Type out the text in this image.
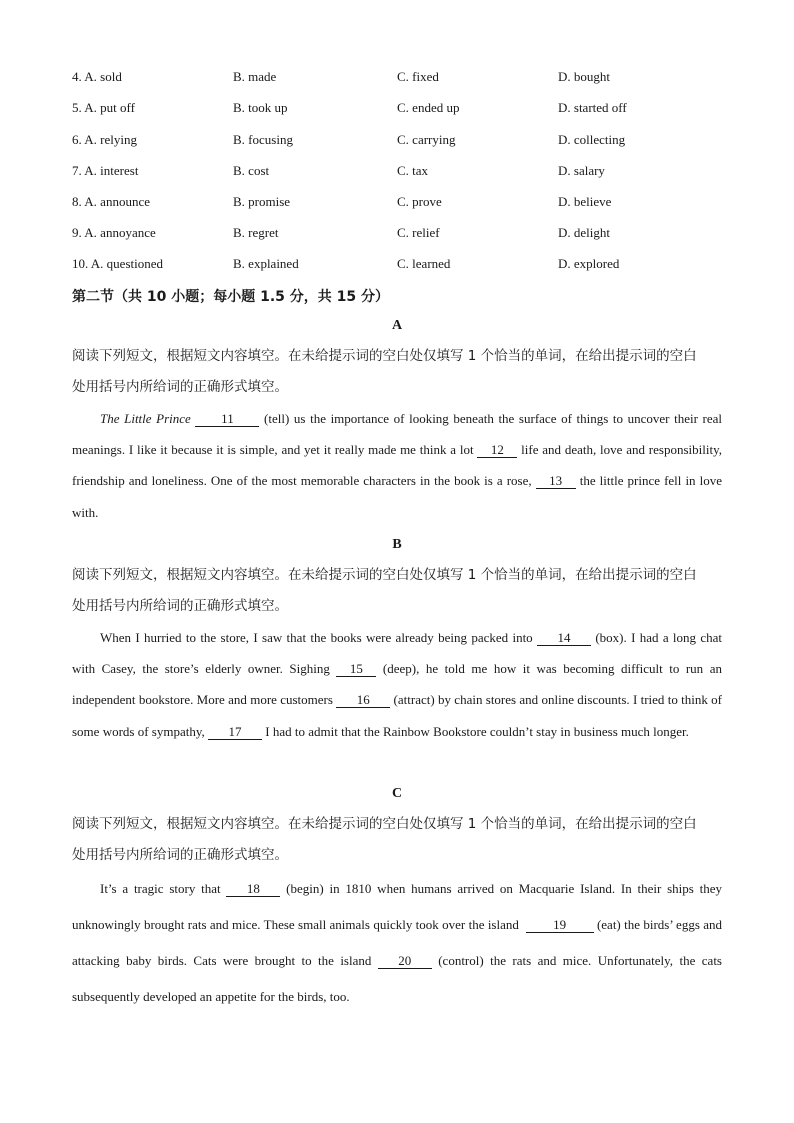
4. A. sold	B. made	C. fixed	D. bought
5. A. put off	B. took up	C. ended up	D. started off
6. A. relying	B. focusing	C. carrying	D. collecting
7. A. interest	B. cost	C. tax	D. salary
8. A. announce	B. promise	C. prove	D. believe
9. A. annoyance	B. regret	C. relief	D. delight
10. A. questioned	B. explained	C. learned	D. explored
第二节（共 10 小题；每小题 1.5 分，共 15 分）
A
阅读下列短文，根据短文内容填空。在未给提示词的空白处仅填写 1 个恰当的单词，在给出提示词的空白
处用括号内所给词的正确形式填空。
The Little Prince 11 (tell) us the importance of looking beneath the surface of things to uncover their real meanings. I like it because it is simple, and yet it really made me think a lot 12 life and death, love and responsibility, friendship and loneliness. One of the most memorable characters in the book is a rose, 13 the little prince fell in love with.
B
阅读下列短文，根据短文内容填空。在未给提示词的空白处仅填写 1 个恰当的单词，在给出提示词的空白
处用括号内所给词的正确形式填空。
When I hurried to the store, I saw that the books were already being packed into 14 (box). I had a long chat with Casey, the store’s elderly owner. Sighing 15 (deep), he told me how it was becoming difficult to run an independent bookstore. More and more customers 16 (attract) by chain stores and online discounts. I tried to think of some words of sympathy, 17 I had to admit that the Rainbow Bookstore couldn’t stay in business much longer.
C
阅读下列短文，根据短文内容填空。在未给提示词的空白处仅填写 1 个恰当的单词，在给出提示词的空白
处用括号内所给词的正确形式填空。
It’s a tragic story that 18 (begin) in 1810 when humans arrived on Macquarie Island. In their ships they unknowingly brought rats and mice. These small animals quickly took over the island	19 (eat) the birds’ eggs and attacking baby birds. Cats were brought to the island 20 (control) the rats and mice. Unfortunately, the cats subsequently developed an appetite for the birds, too.
